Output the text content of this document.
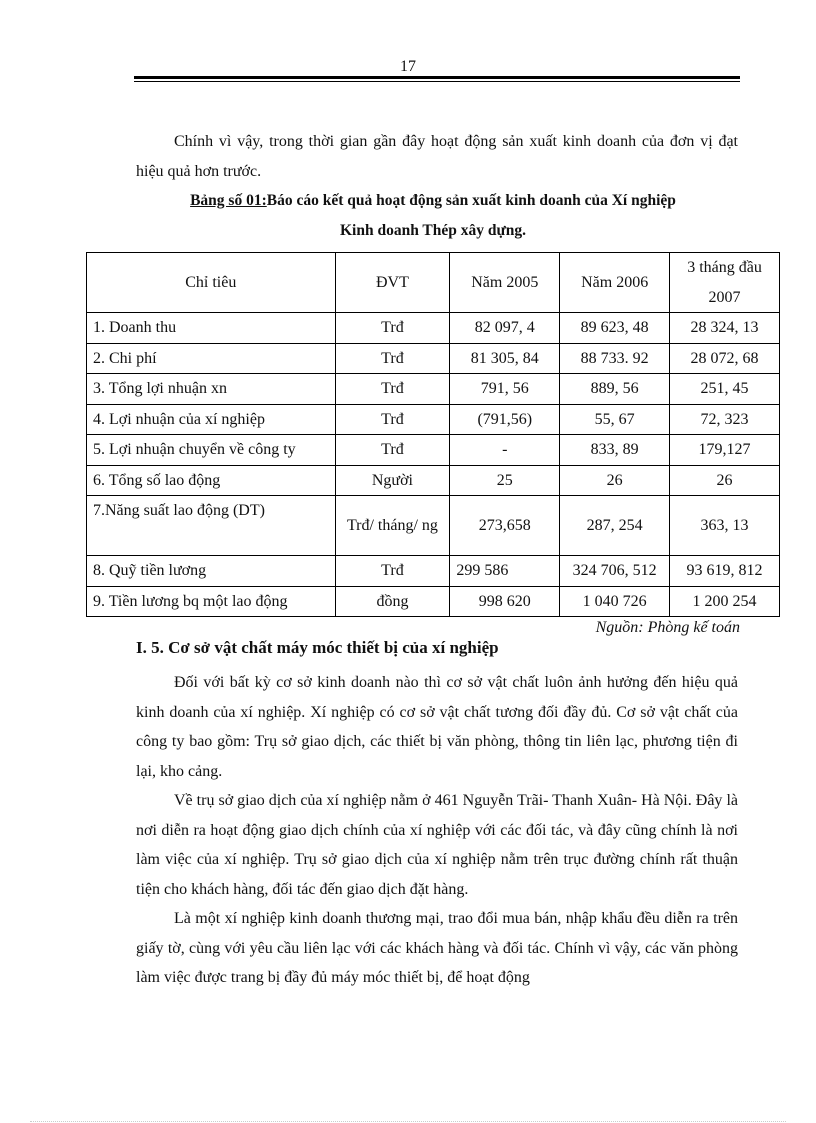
17

Chính vì vậy, trong thời gian gần đây hoạt động sản xuất kinh doanh của đơn vị đạt hiệu quả hơn trước.

Bảng số 01:Báo cáo kết quả hoạt động sản xuất kinh doanh của Xí nghiệp

Kinh doanh Thép xây dựng.

Chỉ tiêu	ĐVT	Năm 2005	Năm 2006	3 tháng đầu 2007
1. Doanh thu	Trđ	82 097, 4	89 623, 48	28 324, 13
2. Chi phí	Trđ	81 305, 84	88 733. 92	28 072, 68
3. Tổng lợi nhuận xn	Trđ	791, 56	889, 56	251, 45
4. Lợi nhuận của xí nghiệp	Trđ	(791,56)	55, 67	72, 323
5. Lợi nhuận chuyển về công ty	Trđ	-	833, 89	179,127
6. Tổng số lao động	Người	25	26	26
7.Năng suất lao động (DT)	Trđ/ tháng/ ng	273,658	287, 254	363, 13
8. Quỹ tiền lương	Trđ	299 586	324 706, 512	93 619, 812
9. Tiền lương bq một lao động	đồng	998 620	1 040 726	1 200 254
Nguồn: Phòng kế toán
I. 5. Cơ sở vật chất máy móc thiết bị của xí nghiệp

Đối với bất kỳ cơ sở kinh doanh nào thì cơ sở vật chất luôn ảnh hưởng đến hiệu quả kinh doanh của xí nghiệp. Xí nghiệp có cơ sở vật chất tương đối đầy đủ. Cơ sở vật chất của công ty bao gồm: Trụ sở giao dịch, các thiết bị văn phòng, thông tin liên lạc, phương tiện đi lại, kho cảng.

Về trụ sở giao dịch của xí nghiệp nằm ở 461 Nguyễn Trãi- Thanh Xuân- Hà Nội. Đây là nơi diễn ra hoạt động giao dịch chính của xí nghiệp với các đối tác, và đây cũng chính là nơi làm việc của xí nghiệp. Trụ sở giao dịch của xí nghiệp nằm trên trục đường chính rất thuận tiện cho khách hàng, đối tác đến giao dịch đặt hàng.

Là một xí nghiệp kinh doanh thương mại, trao đổi mua bán, nhập khẩu đều diễn ra trên giấy tờ, cùng với yêu cầu liên lạc với các khách hàng và đối tác. Chính vì vậy, các văn phòng làm việc được trang bị đầy đủ máy móc thiết bị, để hoạt động
